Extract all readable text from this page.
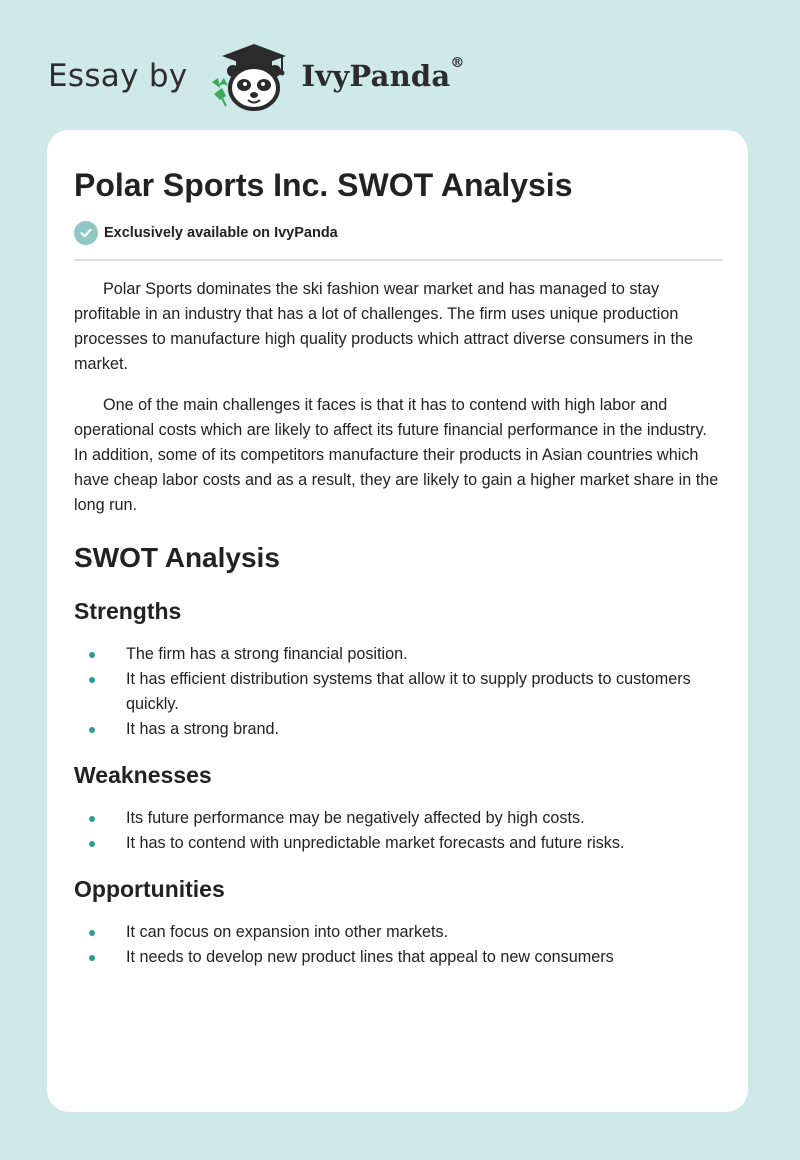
Essay by	IvyPanda®
Polar Sports Inc. SWOT Analysis
Exclusively available on IvyPanda

Polar Sports dominates the ski fashion wear market and has managed to stay profitable in an industry that has a lot of challenges. The firm uses unique production processes to manufacture high quality products which attract diverse consumers in the market.

One of the main challenges it faces is that it has to contend with high labor and operational costs which are likely to affect its future financial performance in the industry. In addition, some of its competitors manufacture their products in Asian countries which have cheap labor costs and as a result, they are likely to gain a higher market share in the long run.

SWOT Analysis
Strengths
The firm has a strong financial position.
It has efficient distribution systems that allow it to supply products to customers quickly.
It has a strong brand.
Weaknesses
Its future performance may be negatively affected by high costs.
It has to contend with unpredictable market forecasts and future risks.
Opportunities
It can focus on expansion into other markets.
It needs to develop new product lines that appeal to new consumers
